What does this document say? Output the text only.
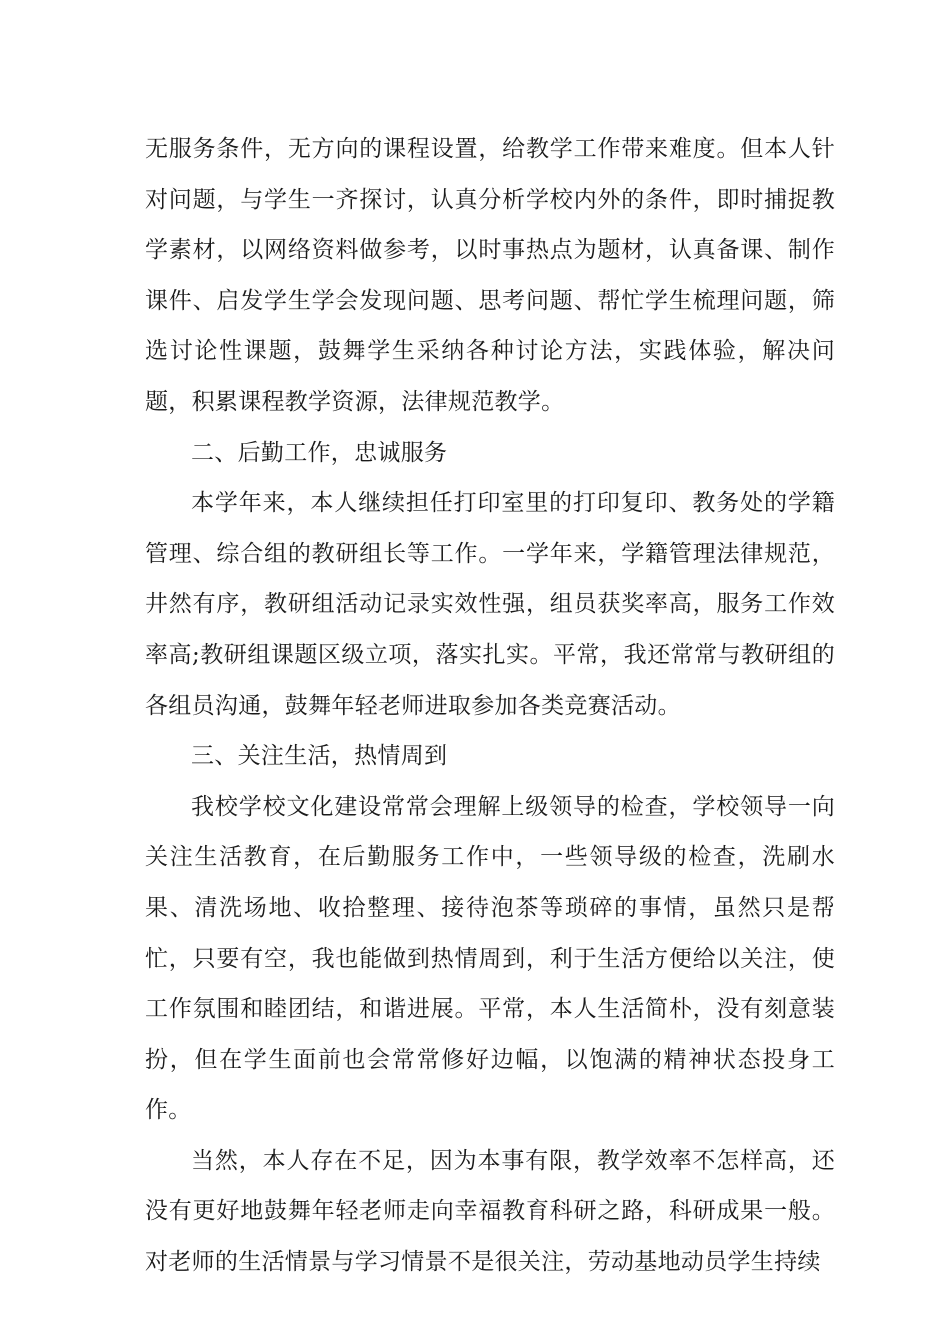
无服务条件，无方向的课程设置，给教学工作带来难度。但本人针对问题，与学生一齐探讨，认真分析学校内外的条件，即时捕捉教学素材，以网络资料做参考，以时事热点为题材，认真备课、制作课件、启发学生学会发现问题、思考问题、帮忙学生梳理问题，筛选讨论性课题，鼓舞学生采纳各种讨论方法，实践体验，解决问题，积累课程教学资源，法律规范教学。

二、后勤工作，忠诚服务

本学年来，本人继续担任打印室里的打印复印、教务处的学籍管理、综合组的教研组长等工作。一学年来，学籍管理法律规范，井然有序，教研组活动记录实效性强，组员获奖率高，服务工作效率高;教研组课题区级立项，落实扎实。平常，我还常常与教研组的各组员沟通，鼓舞年轻老师进取参加各类竞赛活动。

三、关注生活，热情周到

我校学校文化建设常常会理解上级领导的检查，学校领导一向关注生活教育，在后勤服务工作中，一些领导级的检查，洗刷水果、清洗场地、收拾整理、接待泡茶等琐碎的事情，虽然只是帮忙，只要有空，我也能做到热情周到，利于生活方便给以关注，使工作氛围和睦团结，和谐进展。平常，本人生活简朴，没有刻意装扮，但在学生面前也会常常修好边幅，以饱满的精神状态投身工作。

当然，本人存在不足，因为本事有限，教学效率不怎样高，还没有更好地鼓舞年轻老师走向幸福教育科研之路，科研成果一般。对老师的生活情景与学习情景不是很关注，劳动基地动员学生持续
